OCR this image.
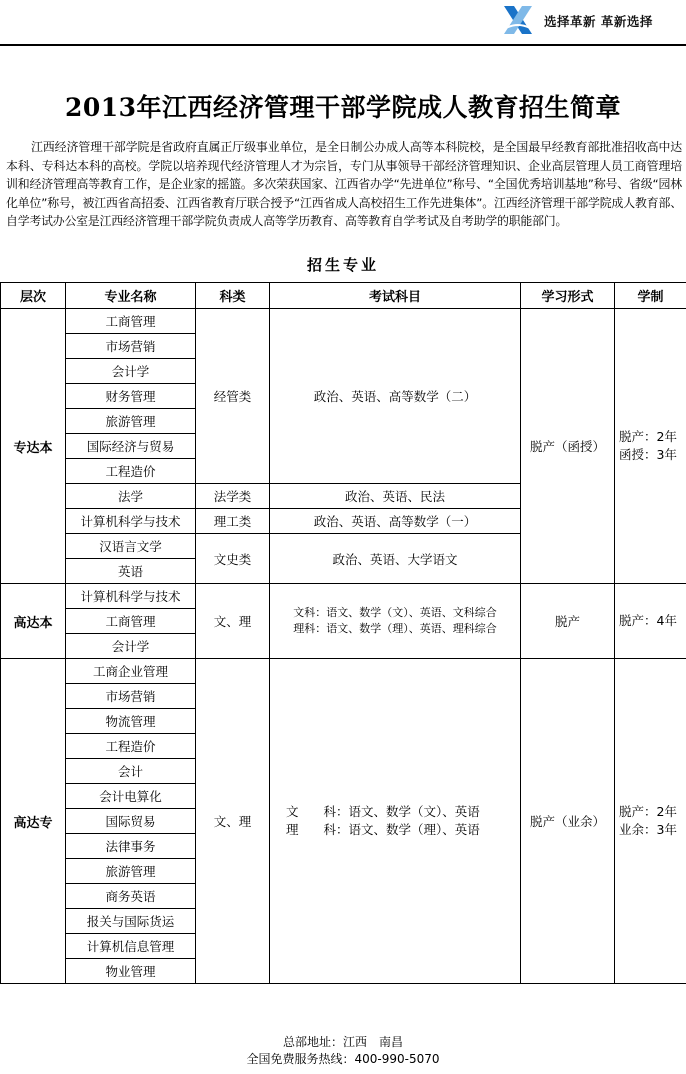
选择革新 革新选择
2013年江西经济管理干部学院成人教育招生简章
江西经济管理干部学院是省政府直属正厅级事业单位，是全日制公办成人高等本科院校，是全国最早经教育部批准招收高中达本科、专科达本科的高校。学院以培养现代经济管理人才为宗旨，专门从事领导干部经济管理知识、企业高层管理人员工商管理培训和经济管理高等教育工作，是企业家的摇篮。多次荣获国家、江西省办学“先进单位”称号、“全国优秀培训基地”称号、省级“园林化单位”称号，被江西省高招委、江西省教育厅联合授予“江西省成人高校招生工作先进集体”。江西经济管理干部学院成人教育部、自学考试办公室是江西经济管理干部学院负责成人高等学历教育、高等教育自学考试及自考助学的职能部门。
招生专业
层次	专业名称	科类	考试科目	学习形式	学制
专达本	工商管理	经管类	政治、英语、高等数学（二）	脱产（函授）	脱产：2年
函授：3年

	市场营销				
	会计学				
	财务管理				
	旅游管理				
	国际经济与贸易				
	工程造价				
	法学	法学类	政治、英语、民法		
	计算机科学与技术	理工类	政治、英语、高等数学（一）		
	汉语言文学	文史类	政治、英语、大学语文		
	英语				
高达本	计算机科学与技术	文、理	文科：语文、数学（文）、英语、文科综合
理科：语文、数学（理）、英语、理科综合	脱产	脱产：4年

	工商管理				
	会计学				
高达专	工商企业管理	文、理	文　　科：语文、数学（文）、英语
理　　科：语文、数学（理）、英语	脱产（业余）	脱产：2年
业余：3年

	市场营销				
	物流管理				
	工程造价				
	会计				
	会计电算化				
	国际贸易				
	法律事务				
	旅游管理				
	商务英语				
	报关与国际货运				
	计算机信息管理				
	物业管理				
总部地址：江西　南昌
全国免费服务热线：400-990-5070
